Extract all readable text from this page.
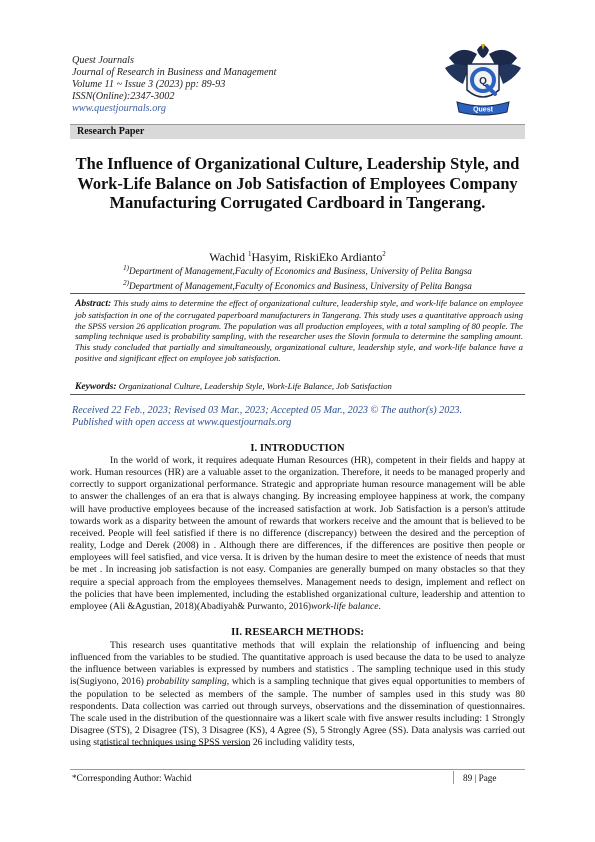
Quest Journals
Journal of Research in Business and Management
Volume 11 ~ Issue 3 (2023) pp: 89-93
ISSN(Online):2347-3002
www.questjournals.org
Q
Quest
Research Paper
The Influence of Organizational Culture, Leadership Style, and Work-Life Balance on Job Satisfaction of Employees Company Manufacturing Corrugated Cardboard in Tangerang.
Wachid $^1$Hasyim, RiskiEko Ardianto$^2$
$^{1)}$Department of Management,Faculty of Economics and Business, University of Pelita Bangsa
$^{2)}$Department of Management,Faculty of Economics and Business, University of Pelita Bangsa
Abstract: This study aims to determine the effect of organizational culture, leadership style, and work-life balance on employee job satisfaction in one of the corrugated paperboard manufacturers in Tangerang. This study uses a quantitative approach using the SPSS version 26 application program. The population was all production employees, with a total sampling of 80 people. The sampling technique used is probability sampling, with the researcher uses the Slovin formula to determine the sampling amount. This study concluded that partially and simultaneously, organizational culture, leadership style, and work-life balance have a positive and significant effect on employee job satisfaction.
Keywords: Organizational Culture, Leadership Style, Work-Life Balance, Job Satisfaction
Received 22 Feb., 2023; Revised 03 Mar., 2023; Accepted 05 Mar., 2023 © The author(s) 2023.
Published with open access at www.questjournals.org
I. INTRODUCTION
In the world of work, it requires adequate Human Resources (HR), competent in their fields and happy at work. Human resources (HR) are a valuable asset to the organization. Therefore, it needs to be managed properly and correctly to support organizational performance. Strategic and appropriate human resource management will be able to answer the challenges of an era that is always changing. By increasing employee happiness at work, the company will have productive employees because of the increased satisfaction at work. Job Satisfaction is a person's attitude towards work as a disparity between the amount of rewards that workers receive and the amount that is believed to be received. People will feel satisfied if there is no difference (discrepancy) between the desired and the perception of reality, Lodge and Derek (2008) in . Although there are differences, if the differences are positive then people or employees will feel satisfied, and vice versa. It is driven by the human desire to meet the existence of needs that must be met . In increasing job satisfaction is not easy. Companies are generally bumped on many obstacles so that they require a special approach from the employees themselves. Management needs to design, implement and reflect on the policies that have been implemented, including the established organizational culture, leadership and attention to employee (Ali &Agustian, 2018)(Abadiyah& Purwanto, 2016)work-life balance.
II. RESEARCH METHODS:
This research uses quantitative methods that will explain the relationship of influencing and being influenced from the variables to be studied. The quantitative approach is used because the data to be used to analyze the influence between variables is expressed by numbers and statistics . The sampling technique used in this study is(Sugiyono, 2016) probability sampling, which is a sampling technique that gives equal opportunities to members of the population to be selected as members of the sample. The number of samples used in this study was 80 respondents. Data collection was carried out through surveys, observations and the dissemination of questionnaires. The scale used in the distribution of the questionnaire was a likert scale with five answer results including: 1 Strongly Disagree (STS), 2 Disagree (TS), 3 Disagree (KS), 4 Agree (S), 5 Strongly Agree (SS). Data analysis was carried out using statistical techniques using SPSS version 26 including validity tests,
*Corresponding Author: Wachid	89 | Page
